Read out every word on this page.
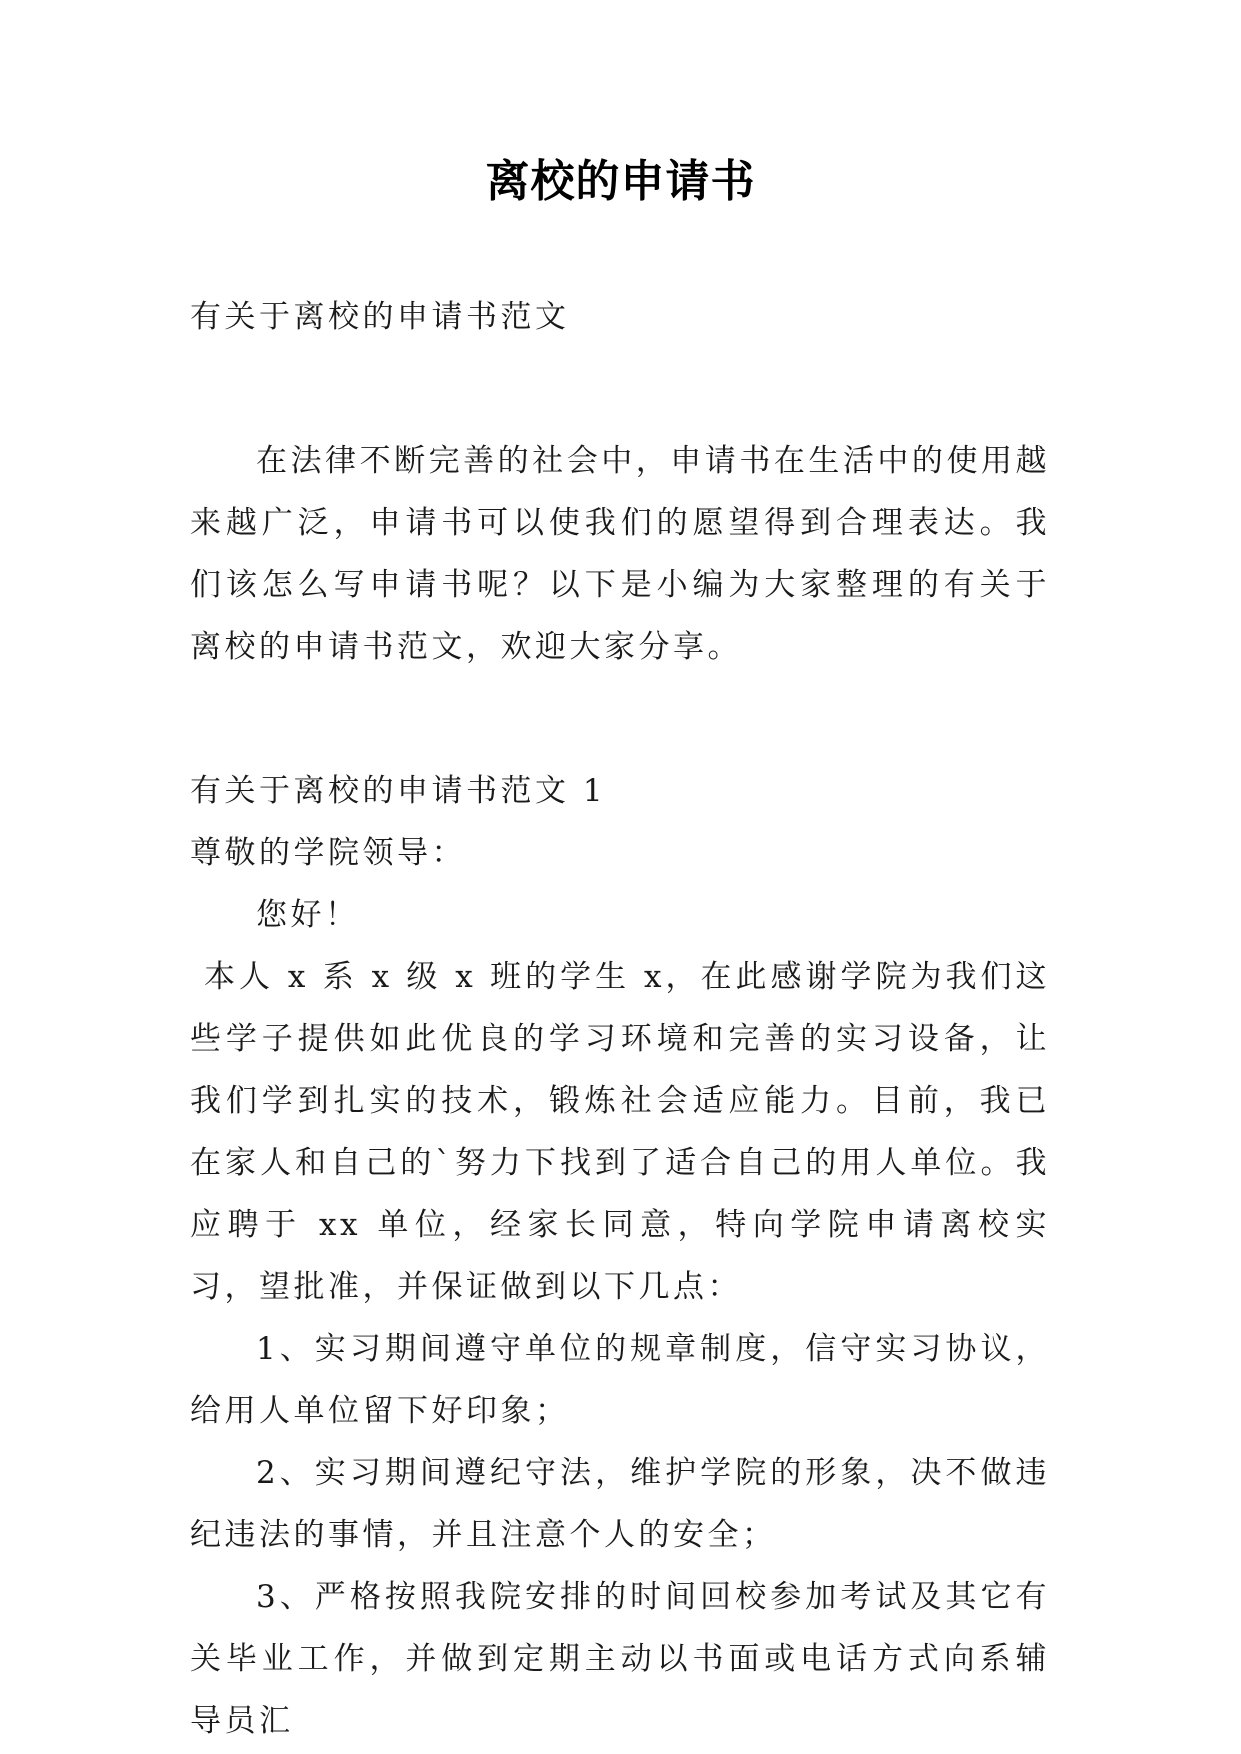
离校的申请书

有关于离校的申请书范文

在法律不断完善的社会中，申请书在生活中的使用越来越广泛，申请书可以使我们的愿望得到合理表达。我们该怎么写申请书呢？以下是小编为大家整理的有关于离校的申请书范文，欢迎大家分享。

有关于离校的申请书范文 1

尊敬的学院领导：

您好！

本人 x 系 x 级 x 班的学生 x，在此感谢学院为我们这些学子提供如此优良的学习环境和完善的实习设备，让我们学到扎实的技术，锻炼社会适应能力。目前，我已在家人和自己的`努力下找到了适合自己的用人单位。我应聘于 xx 单位，经家长同意，特向学院申请离校实习，望批准，并保证做到以下几点：

1、实习期间遵守单位的规章制度，信守实习协议，给用人单位留下好印象；

2、实习期间遵纪守法，维护学院的形象，决不做违纪违法的事情，并且注意个人的安全；

3、严格按照我院安排的时间回校参加考试及其它有关毕业工作，并做到定期主动以书面或电话方式向系辅导员汇
